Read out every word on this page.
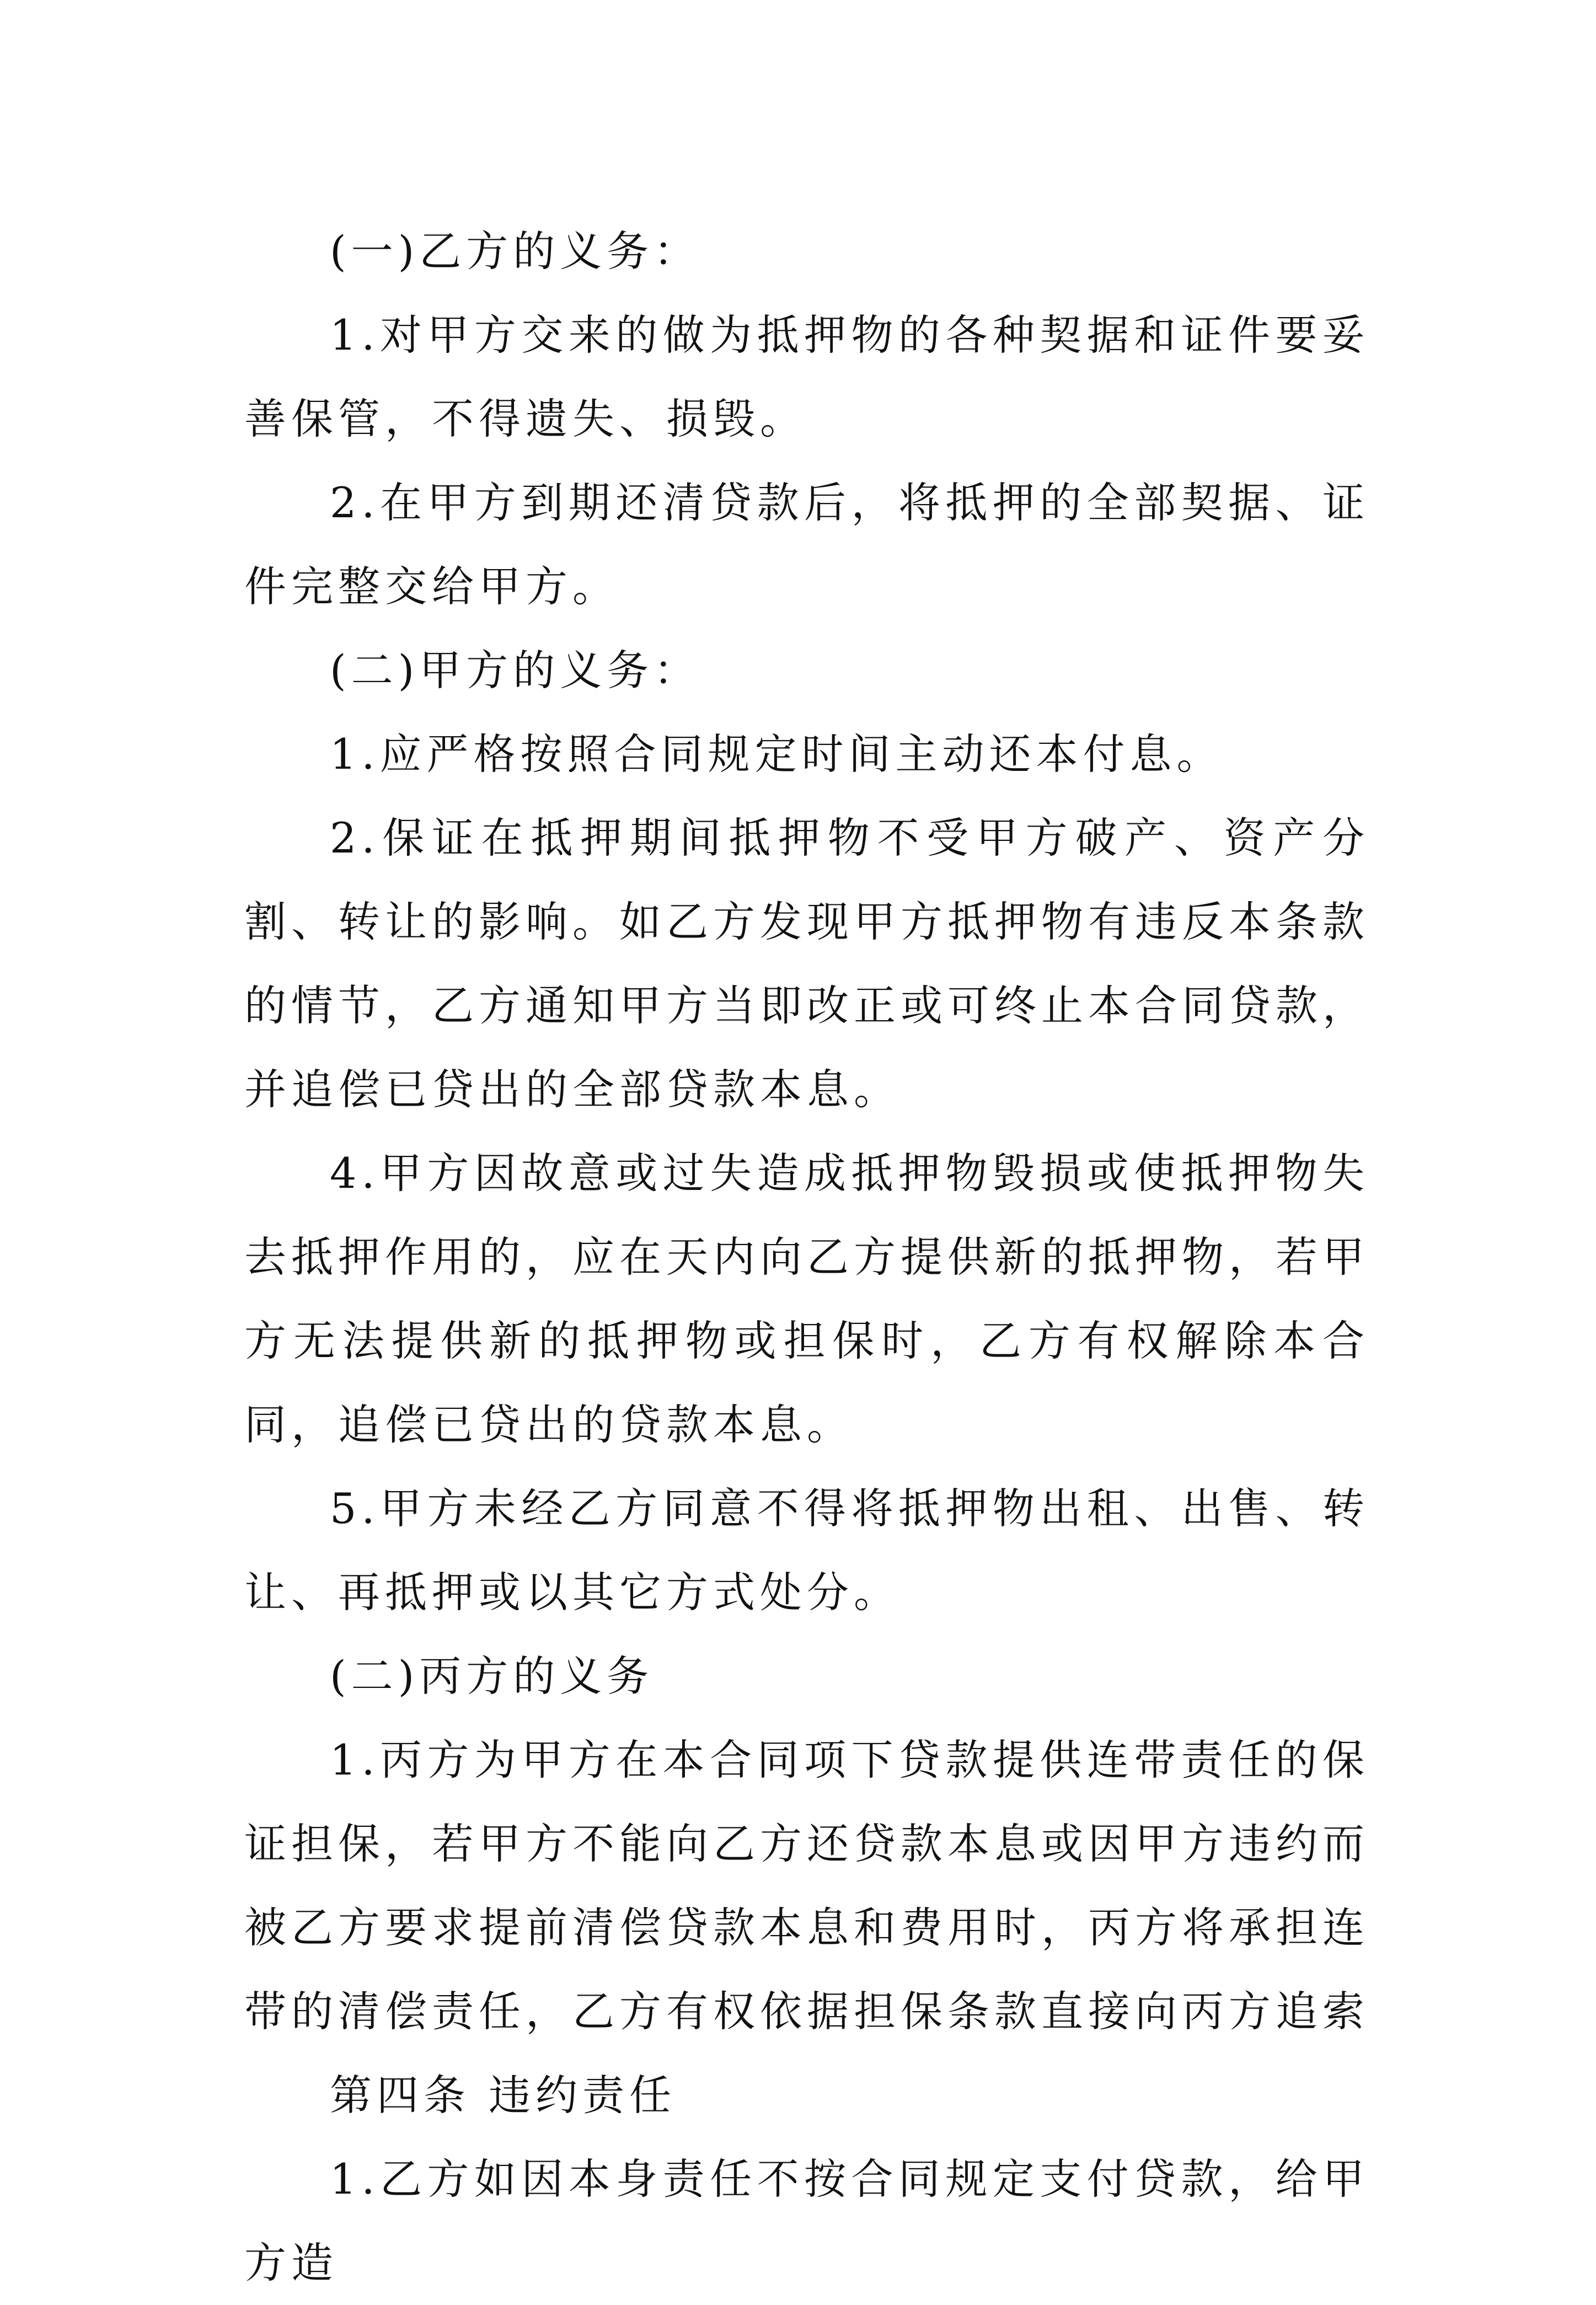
(一)乙方的义务：

1.对甲方交来的做为抵押物的各种契据和证件要妥善保管，不得遗失、损毁。

2.在甲方到期还清贷款后，将抵押的全部契据、证件完整交给甲方。

(二)甲方的义务：

1.应严格按照合同规定时间主动还本付息。

2.保证在抵押期间抵押物不受甲方破产、资产分割、转让的影响。如乙方发现甲方抵押物有违反本条款的情节，乙方通知甲方当即改正或可终止本合同贷款，并追偿已贷出的全部贷款本息。

4.甲方因故意或过失造成抵押物毁损或使抵押物失去抵押作用的，应在天内向乙方提供新的抵押物，若甲方无法提供新的抵押物或担保时，乙方有权解除本合同，追偿已贷出的贷款本息。

5.甲方未经乙方同意不得将抵押物出租、出售、转让、再抵押或以其它方式处分。

(二)丙方的义务

1.丙方为甲方在本合同项下贷款提供连带责任的保证担保，若甲方不能向乙方还贷款本息或因甲方违约而被乙方要求提前清偿贷款本息和费用时，丙方将承担连带的清偿责任，乙方有权依据担保条款直接向丙方追索

第四条 违约责任

1.乙方如因本身责任不按合同规定支付贷款，给甲方造
